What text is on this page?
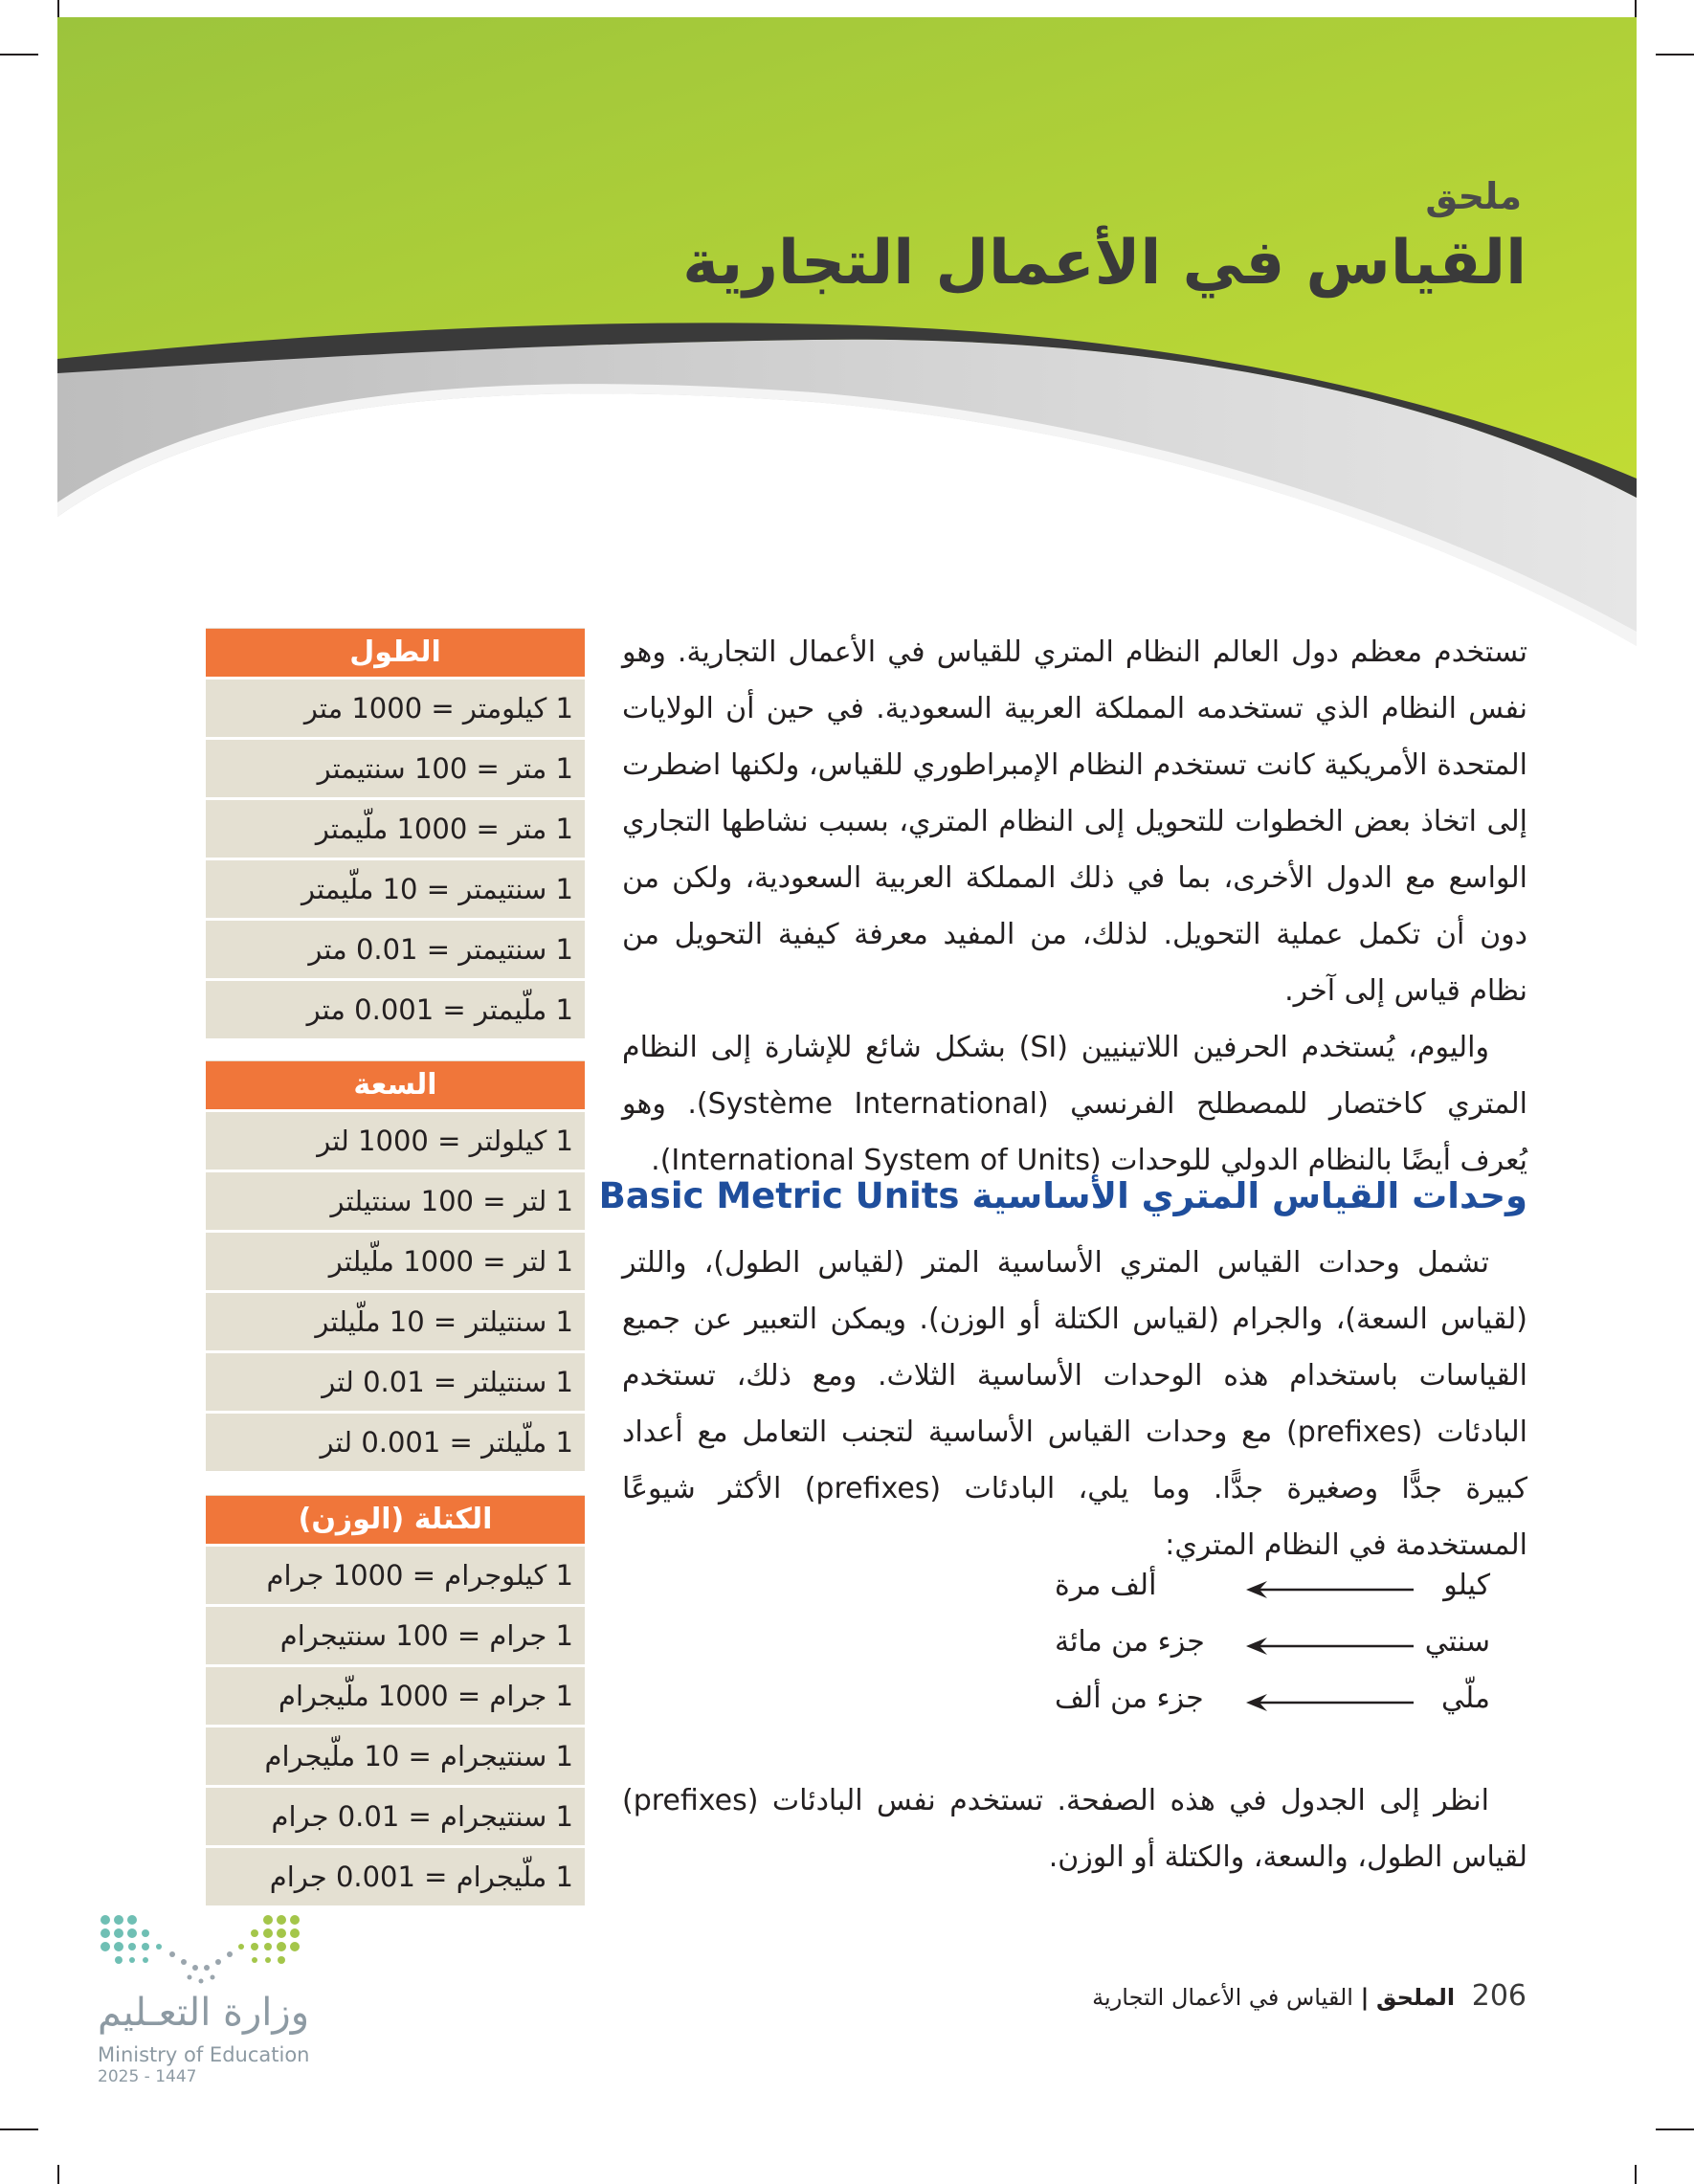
ملحق
القياس في الأعمال التجارية

تستخدم معظم دول العالم النظام المتري للقياس في الأعمال التجارية. وهو نفس النظام الذي تستخدمه المملكة العربية السعودية. في حين أن الولايات المتحدة الأمريكية كانت تستخدم النظام الإمبراطوري للقياس، ولكنها اضطرت إلى اتخاذ بعض الخطوات للتحويل إلى النظام المتري، بسبب نشاطها التجاري الواسع مع الدول الأخرى، بما في ذلك المملكة العربية السعودية، ولكن من دون أن تكمل عملية التحويل. لذلك، من المفيد معرفة كيفية التحويل من نظام قياس إلى آخر.

واليوم، يُستخدم الحرفين اللاتينيين (SI) بشكل شائع للإشارة إلى النظام المتري كاختصار للمصطلح الفرنسي (Système International). وهو يُعرف أيضًا بالنظام الدولي للوحدات (International System of Units).

وحدات القياس المتري الأساسية Basic Metric Units

تشمل وحدات القياس المتري الأساسية المتر (لقياس الطول)، واللتر (لقياس السعة)، والجرام (لقياس الكتلة أو الوزن). ويمكن التعبير عن جميع القياسات باستخدام هذه الوحدات الأساسية الثلاث. ومع ذلك، تستخدم البادئات (prefixes) مع وحدات القياس الأساسية لتجنب التعامل مع أعداد كبيرة جدًّا وصغيرة جدًّا. وما يلي، البادئات (prefixes) الأكثر شيوعًا المستخدمة في النظام المتري:

كيلو
ألف مرة
سنتي
جزء من مائة
ملّي
جزء من ألف

انظر إلى الجدول في هذه الصفحة. تستخدم نفس البادئات (prefixes) لقياس الطول، والسعة، والكتلة أو الوزن.

الطول
1 كيلومتر = 1000 متر
1 متر = 100 سنتيمتر
1 متر = 1000 ملّيمتر
1 سنتيمتر = 10 ملّيمتر
1 سنتيمتر = 0.01 متر
1 ملّيمتر = 0.001 متر
السعة
1 كيلولتر = 1000 لتر
1 لتر = 100 سنتيلتر
1 لتر = 1000 ملّيلتر
1 سنتيلتر = 10 ملّيلتر
1 سنتيلتر = 0.01 لتر
1 ملّيلتر = 0.001 لتر
الكتلة (الوزن)
1 كيلوجرام = 1000 جرام
1 جرام = 100 سنتيجرام
1 جرام = 1000 ملّيجرام
1 سنتيجرام = 10 ملّيجرام
1 سنتيجرام = 0.01 جرام
1 ملّيجرام = 0.001 جرام
وزارة التعـليم
Ministry of Education
2025 - 1447
206 الملحق | القياس في الأعمال التجارية
